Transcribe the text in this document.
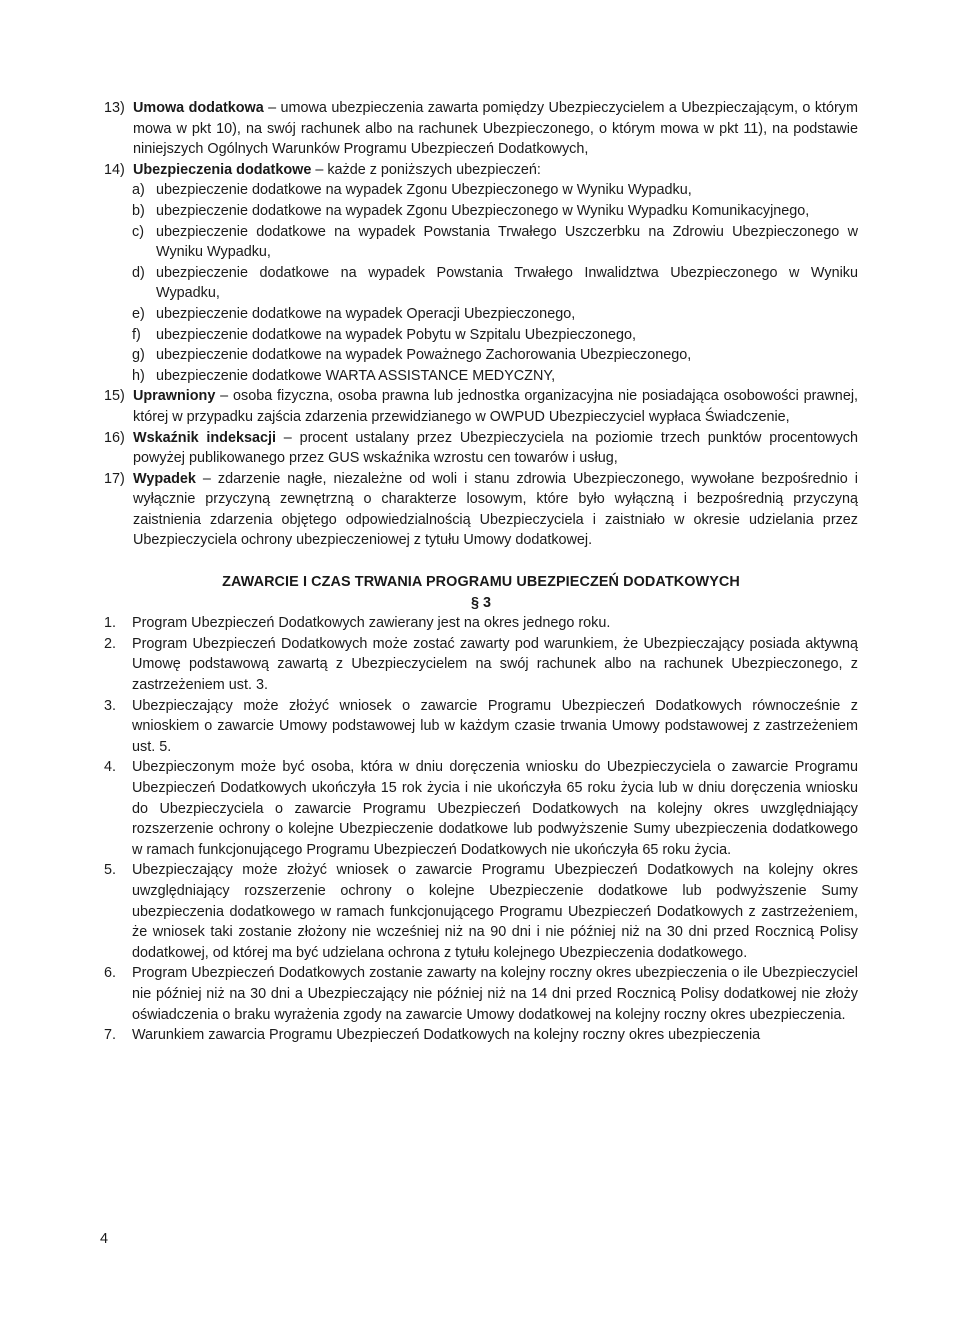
13) Umowa dodatkowa – umowa ubezpieczenia zawarta pomiędzy Ubezpieczycielem a Ubezpieczającym, o którym mowa w pkt 10), na swój rachunek albo na rachunek Ubezpieczonego, o którym mowa w pkt 11), na podstawie niniejszych Ogólnych Warunków Programu Ubezpieczeń Dodatkowych,
14) Ubezpieczenia dodatkowe – każde z poniższych ubezpieczeń:
a) ubezpieczenie dodatkowe na wypadek Zgonu Ubezpieczonego w Wyniku Wypadku,
b) ubezpieczenie dodatkowe na wypadek Zgonu Ubezpieczonego w Wyniku Wypadku Komunikacyjnego,
c) ubezpieczenie dodatkowe na wypadek Powstania Trwałego Uszczerbku na Zdrowiu Ubezpieczonego w Wyniku Wypadku,
d) ubezpieczenie dodatkowe na wypadek Powstania Trwałego Inwalidztwa Ubezpieczonego w Wyniku Wypadku,
e) ubezpieczenie dodatkowe na wypadek Operacji Ubezpieczonego,
f)	ubezpieczenie dodatkowe na wypadek Pobytu w Szpitalu Ubezpieczonego,
g) ubezpieczenie dodatkowe na wypadek Poważnego Zachorowania Ubezpieczonego,
h) ubezpieczenie dodatkowe WARTA ASSISTANCE MEDYCZNY,
15) Uprawniony – osoba fizyczna, osoba prawna lub jednostka organizacyjna nie posiadająca osobowości prawnej, której w przypadku zajścia zdarzenia przewidzianego w OWPUD Ubezpieczyciel wypłaca Świadczenie,
16) Wskaźnik indeksacji – procent ustalany przez Ubezpieczyciela na poziomie trzech punktów procentowych powyżej publikowanego przez GUS wskaźnika wzrostu cen towarów i usług,
17) Wypadek – zdarzenie nagłe, niezależne od woli i stanu zdrowia Ubezpieczonego, wywołane bezpośrednio i wyłącznie przyczyną zewnętrzną o charakterze losowym, które było wyłączną i bezpośrednią przyczyną zaistnienia zdarzenia objętego odpowiedzialnością Ubezpieczyciela i zaistniało w okresie udzielania przez Ubezpieczyciela ochrony ubezpieczeniowej z tytułu Umowy dodatkowej.
ZAWARCIE I CZAS TRWANIA PROGRAMU UBEZPIECZEŃ DODATKOWYCH
§ 3
1.	Program Ubezpieczeń Dodatkowych zawierany jest na okres jednego roku.
2.	Program Ubezpieczeń Dodatkowych może zostać zawarty pod warunkiem, że Ubezpieczający posiada aktywną Umowę podstawową zawartą z Ubezpieczycielem na swój rachunek albo na rachunek Ubezpieczonego, z zastrzeżeniem ust. 3.
3.	Ubezpieczający może złożyć wniosek o zawarcie Programu Ubezpieczeń Dodatkowych równocześnie z wnioskiem o zawarcie Umowy podstawowej lub w każdym czasie trwania Umowy podstawowej z zastrzeżeniem ust. 5.
4.	Ubezpieczonym może być osoba, która w dniu doręczenia wniosku do Ubezpieczyciela o zawarcie Programu Ubezpieczeń Dodatkowych ukończyła 15 rok życia i nie ukończyła 65 roku życia lub w dniu doręczenia wniosku do Ubezpieczyciela o zawarcie Programu Ubezpieczeń Dodatkowych na kolejny okres uwzględniający rozszerzenie ochrony o kolejne Ubezpieczenie dodatkowe lub podwyższenie Sumy ubezpieczenia dodatkowego w ramach funkcjonującego Programu Ubezpieczeń Dodatkowych nie ukończyła 65 roku życia.
5.	Ubezpieczający może złożyć wniosek o zawarcie Programu Ubezpieczeń Dodatkowych na kolejny okres uwzględniający rozszerzenie ochrony o kolejne Ubezpieczenie dodatkowe lub podwyższenie Sumy ubezpieczenia dodatkowego w ramach funkcjonującego Programu Ubezpieczeń Dodatkowych z zastrzeżeniem, że wniosek taki zostanie złożony nie wcześniej niż na 90 dni i nie później niż na 30 dni przed Rocznicą Polisy dodatkowej, od której ma być udzielana ochrona z tytułu kolejnego Ubezpieczenia dodatkowego.
6.	Program Ubezpieczeń Dodatkowych zostanie zawarty na kolejny roczny okres ubezpieczenia o ile Ubezpieczyciel nie później niż na 30 dni a Ubezpieczający nie później niż na 14 dni przed Rocznicą Polisy dodatkowej nie złoży oświadczenia o braku wyrażenia zgody na zawarcie Umowy dodatkowej na kolejny roczny okres ubezpieczenia.
7.	Warunkiem zawarcia Programu Ubezpieczeń Dodatkowych na kolejny roczny okres ubezpieczenia
4
